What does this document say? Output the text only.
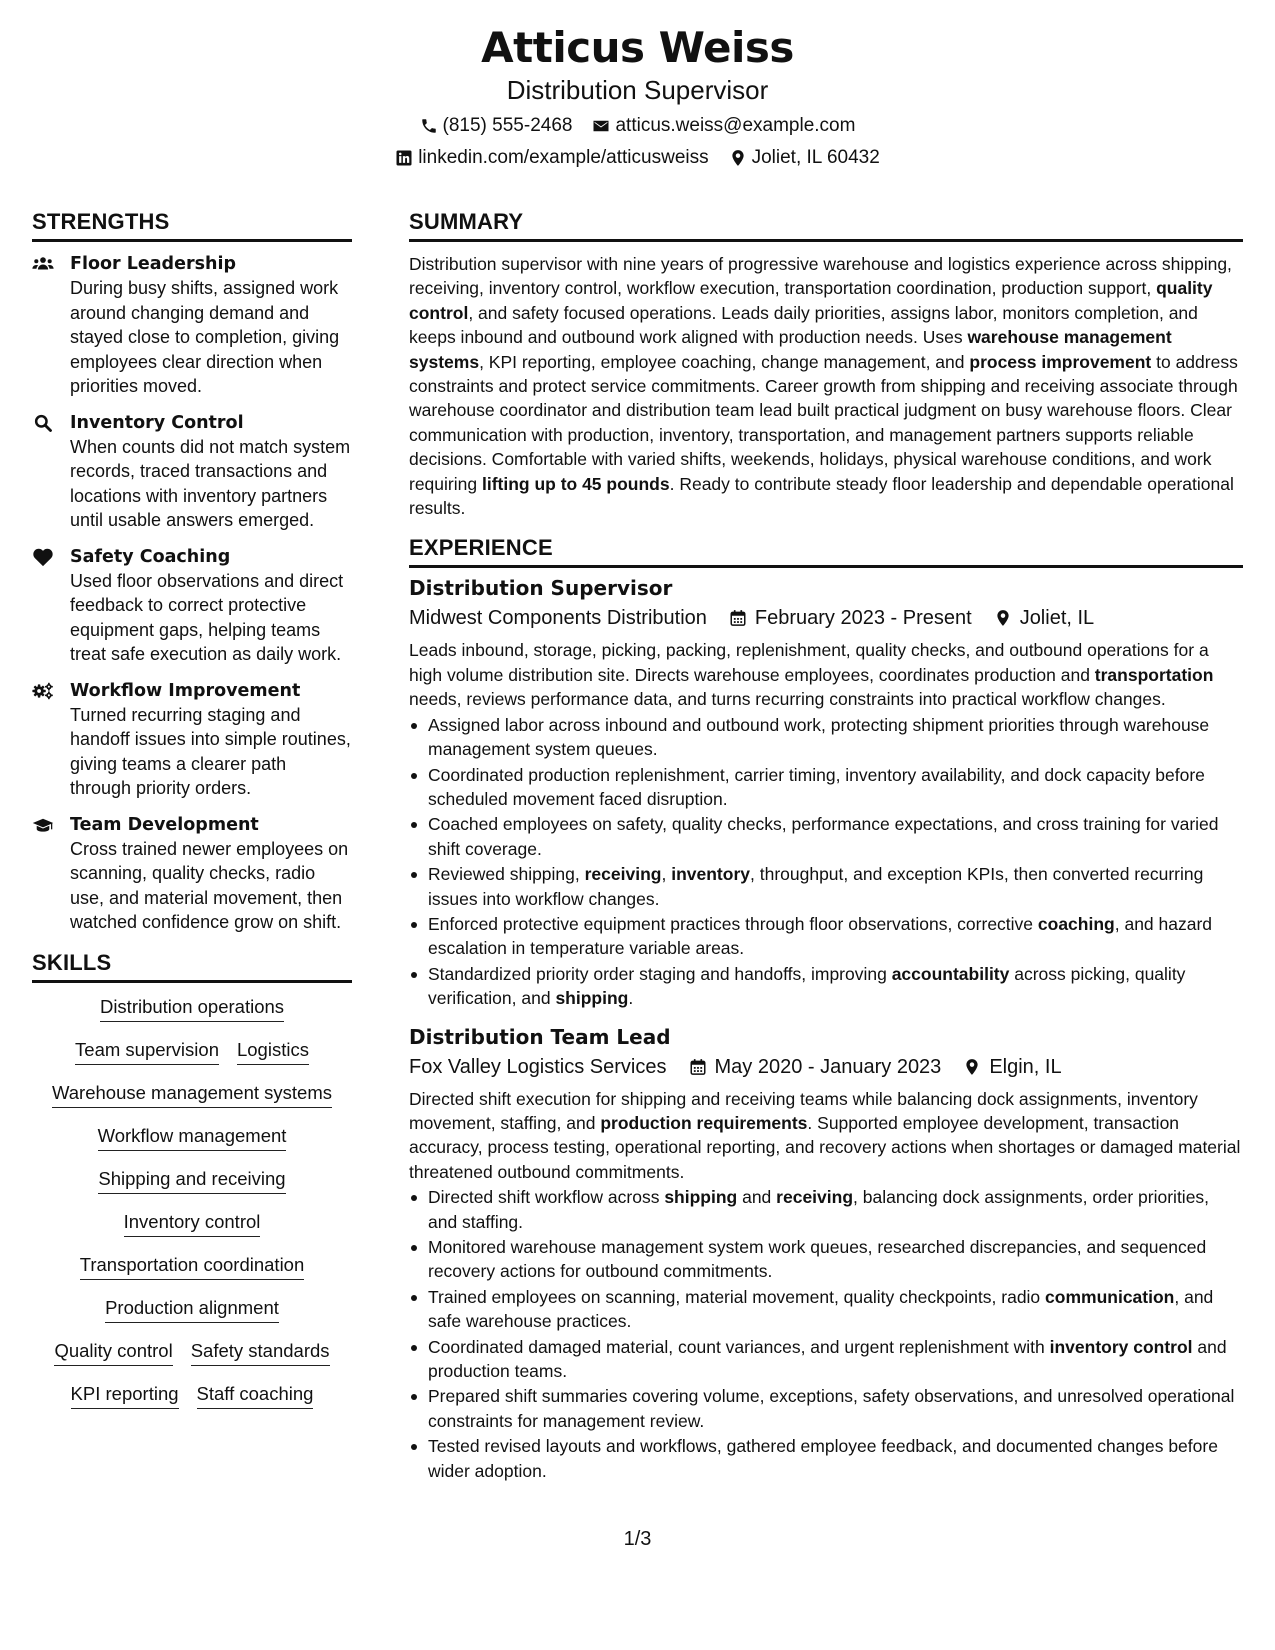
Atticus Weiss
Distribution Supervisor
(815) 555-2468 atticus.weiss@example.com
linkedin.com/example/atticusweiss Joliet, IL 60432
STRENGTHS
Floor Leadership
During busy shifts, assigned work around changing demand and stayed close to completion, giving employees clear direction when priorities moved.
Inventory Control
When counts did not match system records, traced transactions and locations with inventory partners until usable answers emerged.
Safety Coaching
Used floor observations and direct feedback to correct protective equipment gaps, helping teams treat safe execution as daily work.
Workflow Improvement
Turned recurring staging and handoff issues into simple routines, giving teams a clearer path through priority orders.
Team Development
Cross trained newer employees on scanning, quality checks, radio use, and material movement, then watched confidence grow on shift.
SKILLS
Distribution operations
Team supervision Logistics
Warehouse management systems
Workflow management
Shipping and receiving
Inventory control
Transportation coordination
Production alignment
Quality control Safety standards
KPI reporting Staff coaching
SUMMARY
Distribution supervisor with nine years of progressive warehouse and logistics experience across shipping, receiving, inventory control, workflow execution, transportation coordination, production support, quality control, and safety focused operations. Leads daily priorities, assigns labor, monitors completion, and keeps inbound and outbound work aligned with production needs. Uses warehouse management systems, KPI reporting, employee coaching, change management, and process improvement to address constraints and protect service commitments. Career growth from shipping and receiving associate through warehouse coordinator and distribution team lead built practical judgment on busy warehouse floors. Clear communication with production, inventory, transportation, and management partners supports reliable decisions. Comfortable with varied shifts, weekends, holidays, physical warehouse conditions, and work requiring lifting up to 45 pounds. Ready to contribute steady floor leadership and dependable operational results.
EXPERIENCE
Distribution Supervisor
Midwest Components Distribution February 2023 - Present Joliet, IL
Leads inbound, storage, picking, packing, replenishment, quality checks, and outbound operations for a high volume distribution site. Directs warehouse employees, coordinates production and transportation needs, reviews performance data, and turns recurring constraints into practical workflow changes.
Assigned labor across inbound and outbound work, protecting shipment priorities through warehouse management system queues.
Coordinated production replenishment, carrier timing, inventory availability, and dock capacity before scheduled movement faced disruption.
Coached employees on safety, quality checks, performance expectations, and cross training for varied shift coverage.
Reviewed shipping, receiving, inventory, throughput, and exception KPIs, then converted recurring issues into workflow changes.
Enforced protective equipment practices through floor observations, corrective coaching, and hazard escalation in temperature variable areas.
Standardized priority order staging and handoffs, improving accountability across picking, quality verification, and shipping.
Distribution Team Lead
Fox Valley Logistics Services May 2020 - January 2023 Elgin, IL
Directed shift execution for shipping and receiving teams while balancing dock assignments, inventory movement, staffing, and production requirements. Supported employee development, transaction accuracy, process testing, operational reporting, and recovery actions when shortages or damaged material threatened outbound commitments.
Directed shift workflow across shipping and receiving, balancing dock assignments, order priorities, and staffing.
Monitored warehouse management system work queues, researched discrepancies, and sequenced recovery actions for outbound commitments.
Trained employees on scanning, material movement, quality checkpoints, radio communication, and safe warehouse practices.
Coordinated damaged material, count variances, and urgent replenishment with inventory control and production teams.
Prepared shift summaries covering volume, exceptions, safety observations, and unresolved operational constraints for management review.
Tested revised layouts and workflows, gathered employee feedback, and documented changes before wider adoption.
1/3
